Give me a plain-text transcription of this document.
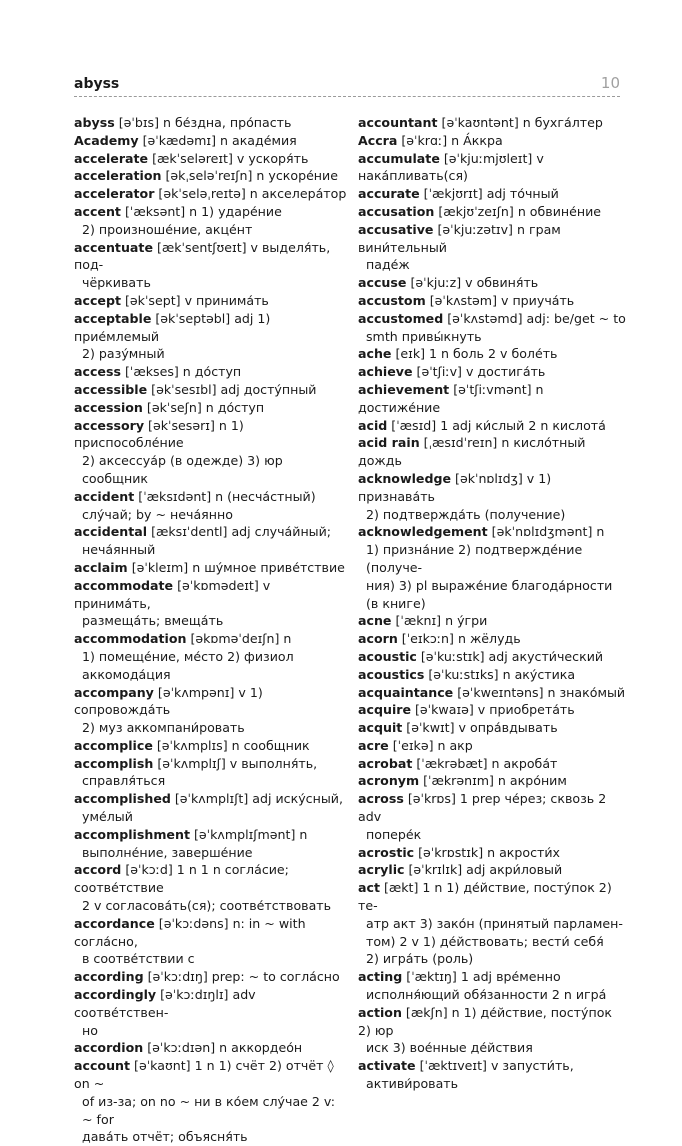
abyss	10

abyss [əˈbɪs] n бе́здна, про́пасть

Academy [əˈkædəmɪ] n акаде́мия

accelerate [ækˈseləreɪt] v ускоря́ть

acceleration [əkˌseləˈreɪʃn] n ускоре́ние

accelerator [əkˈseləˌreɪtə] n акселера́тор

accent [ˈæksənt] n 1) ударе́ние
2) произноше́ние, акце́нт

accentuate [ækˈsentʃʊeɪt] v выделя́ть, под-
чёркивать

accept [əkˈsept] v принима́ть

acceptable [əkˈseptəbl] adj 1) прие́млемый
2) разу́мный

access [ˈækses] n до́ступ

accessible [əkˈsesɪbl] adj досту́пный

accession [əkˈseʃn] n до́ступ

accessory [əkˈsesərɪ] n 1) приспособле́ние
2) аксессуа́р (в одежде) 3) юр сообщник

accident [ˈæksɪdənt] n (несча́стный)
слу́чай; by ~ неча́янно

accidental [æksɪˈdentl] adj случа́йный;
неча́янный

acclaim [əˈkleɪm] n шу́мное приве́тствие

accommodate [əˈkɒmədeɪt] v принима́ть,
размеща́ть; вмеща́ть

accommodation [əkɒməˈdeɪʃn] n
1) помеще́ние, ме́сто 2) физиол
аккомода́ция

accompany [əˈkʌmpənɪ] v 1) сопровожда́ть
2) муз аккомпани́ровать

accomplice [əˈkʌmplɪs] n сообщник

accomplish [əˈkʌmplɪʃ] v выполня́ть,
справля́ться

accomplished [əˈkʌmplɪʃt] adj иску́сный,
уме́лый

accomplishment [əˈkʌmplɪʃmənt] n
выполне́ние, заверше́ние

accord [əˈkɔːd] 1 n 1 n согла́сие; соотве́тствие
2 v согласова́ть(ся); соотве́тствовать

accordance [əˈkɔːdəns] n: in ~ with согла́сно,
в соотве́тствии с

according [əˈkɔːdɪŋ] prep: ~ to согла́сно

accordingly [əˈkɔːdɪŋlɪ] adv соотве́тствен-
но

accordion [əˈkɔːdɪən] n аккордео́н

account [əˈkaʊnt] 1 n 1) счёт 2) отчёт ◊ on ~
of из-за; on no ~ ни в ко́ем слу́чае 2 v: ~ for
дава́ть отчёт; объясня́ть

accountant [əˈkaʊntənt] n бухга́лтер

Accra [əˈkrɑː] n А́ккра

accumulate [əˈkjuːmjʊleɪt] v нака́пливать(ся)

accurate [ˈækjʊrɪt] adj то́чный

accusation [ækjʊˈzeɪʃn] n обвине́ние

accusative [əˈkjuːzətɪv] n грам вини́тельный
паде́ж

accuse [əˈkjuːz] v обвиня́ть

accustom [əˈkʌstəm] v приуча́ть

accustomed [əˈkʌstəmd] adj: be/get ~ to
smth привы́кнуть

ache [eɪk] 1 n боль 2 v боле́ть

achieve [əˈtʃiːv] v достига́ть

achievement [əˈtʃiːvmənt] n достиже́ние

acid [ˈæsɪd] 1 adj ки́слый 2 n кислота́

acid rain [ˌæsɪdˈreɪn] n кисло́тный дождь

acknowledge [əkˈnɒlɪdʒ] v 1) признава́ть
2) подтвержда́ть (получение)

acknowledgement [əkˈnɒlɪdʒmənt] n
1) призна́ние 2) подтвержде́ние (получе-
ния) 3) pl выраже́ние благода́рности
(в книге)

acne [ˈæknɪ] n у́гри

acorn [ˈeɪkɔːn] n жёлудь

acoustic [əˈkuːstɪk] adj акусти́ческий

acoustics [əˈkuːstɪks] n аку́стика

acquaintance [əˈkweɪntəns] n знако́мый

acquire [əˈkwaɪə] v приобрета́ть

acquit [əˈkwɪt] v опра́вдывать

acre [ˈeɪkə] n акр

acrobat [ˈækrəbæt] n акроба́т

acronym [ˈækrənɪm] n акро́ним

across [əˈkrɒs] 1 prep че́рез; сквозь 2 adv
попере́к

acrostic [əˈkrɒstɪk] n акрости́х

acrylic [əˈkrɪlɪk] adj акри́ловый

act [ækt] 1 n 1) де́йствие, посту́пок 2) те-
атр акт 3) зако́н (принятый парламен-
том) 2 v 1) де́йствовать; вести́ себя́
2) игра́ть (роль)

acting [ˈæktɪŋ] 1 adj вре́менно
исполня́ющий обя́занности 2 n игра́

action [ækʃn] n 1) де́йствие, посту́пок 2) юр
иск 3) вое́нные де́йствия

activate [ˈæktɪveɪt] v запусти́ть,
активи́ровать
